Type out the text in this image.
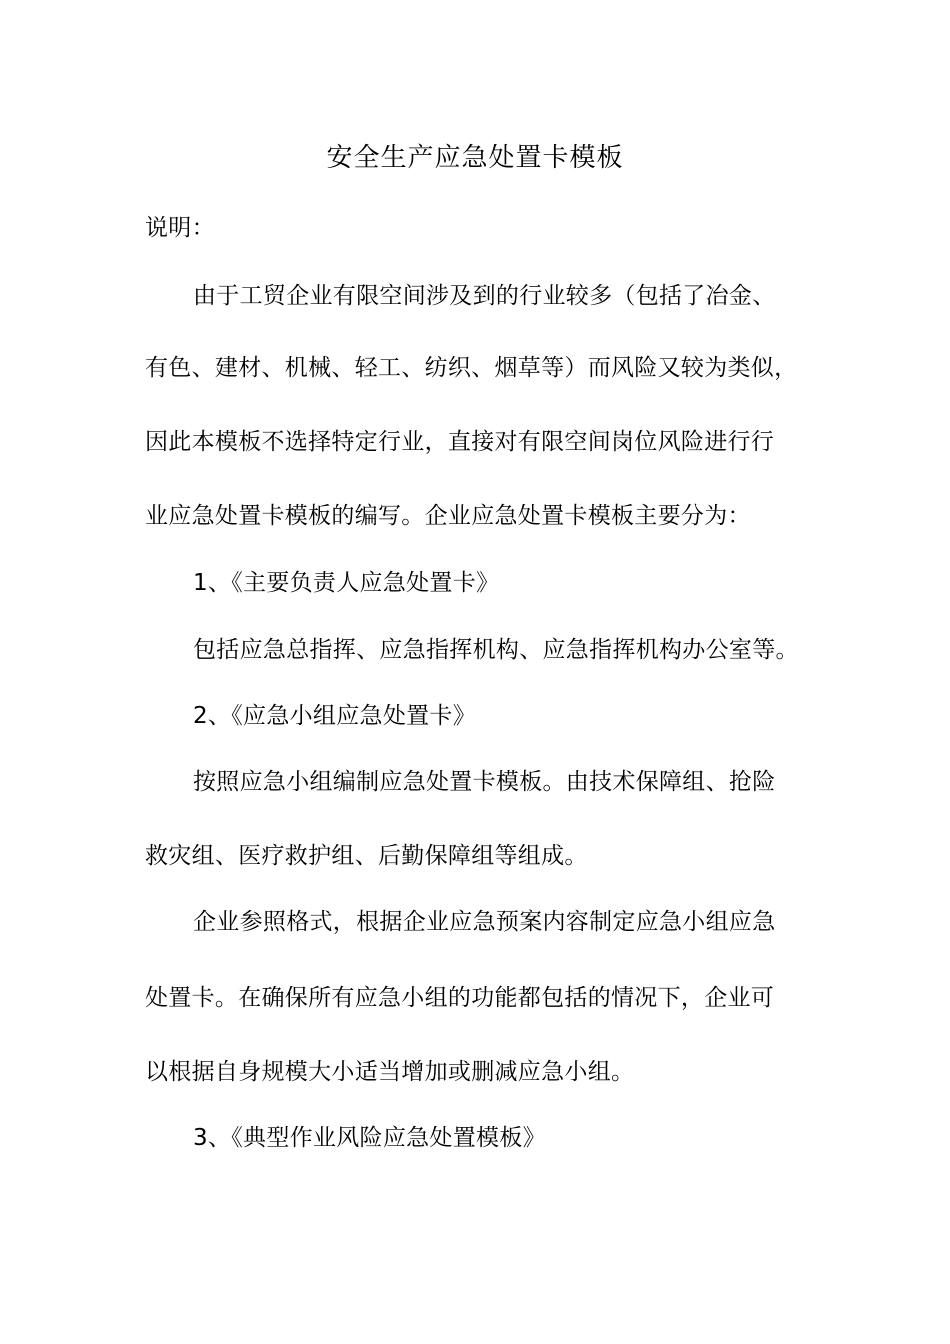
安全生产应急处置卡模板
说明：
由于工贸企业有限空间涉及到的行业较多（包括了冶金、
有色、建材、机械、轻工、纺织、烟草等）而风险又较为类似，
因此本模板不选择特定行业，直接对有限空间岗位风险进行行
业应急处置卡模板的编写。企业应急处置卡模板主要分为：
1、《主要负责人应急处置卡》
包括应急总指挥、应急指挥机构、应急指挥机构办公室等。
2、《应急小组应急处置卡》
按照应急小组编制应急处置卡模板。由技术保障组、抢险
救灾组、医疗救护组、后勤保障组等组成。
企业参照格式，根据企业应急预案内容制定应急小组应急
处置卡。在确保所有应急小组的功能都包括的情况下，企业可
以根据自身规模大小适当增加或删减应急小组。
3、《典型作业风险应急处置模板》
